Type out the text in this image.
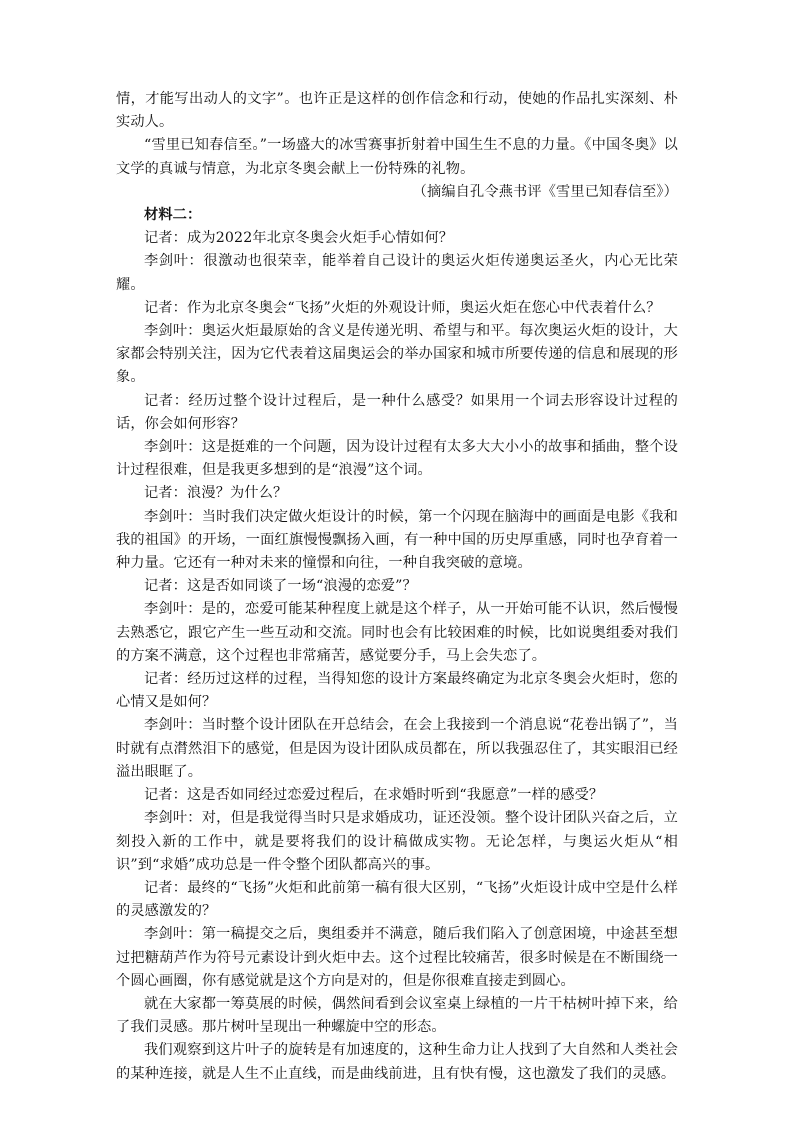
情，才能写出动人的文字”。也许正是这样的创作信念和行动，使她的作品扎实深刻、朴实动人。

“雪里已知春信至。”一场盛大的冰雪赛事折射着中国生生不息的力量。《中国冬奥》以文学的真诚与情意，为北京冬奥会献上一份特殊的礼物。

（摘编自孔令燕书评《雪里已知春信至》）

材料二：

记者：成为2022年北京冬奥会火炬手心情如何？

李剑叶：很激动也很荣幸，能举着自己设计的奥运火炬传递奥运圣火，内心无比荣耀。

记者：作为北京冬奥会“飞扬”火炬的外观设计师，奥运火炬在您心中代表着什么？

李剑叶：奥运火炬最原始的含义是传递光明、希望与和平。每次奥运火炬的设计，大家都会特别关注，因为它代表着这届奥运会的举办国家和城市所要传递的信息和展现的形象。

记者：经历过整个设计过程后，是一种什么感受？如果用一个词去形容设计过程的话，你会如何形容？

李剑叶：这是挺难的一个问题，因为设计过程有太多大大小小的故事和插曲，整个设计过程很难，但是我更多想到的是“浪漫”这个词。

记者：浪漫？为什么？

李剑叶：当时我们决定做火炬设计的时候，第一个闪现在脑海中的画面是电影《我和我的祖国》的开场，一面红旗慢慢飘扬入画，有一种中国的历史厚重感，同时也孕育着一种力量。它还有一种对未来的憧憬和向往，一种自我突破的意境。

记者：这是否如同谈了一场“浪漫的恋爱”？

李剑叶：是的，恋爱可能某种程度上就是这个样子，从一开始可能不认识，然后慢慢去熟悉它，跟它产生一些互动和交流。同时也会有比较困难的时候，比如说奥组委对我们的方案不满意，这个过程也非常痛苦，感觉要分手，马上会失恋了。

记者：经历过这样的过程，当得知您的设计方案最终确定为北京冬奥会火炬时，您的心情又是如何？

李剑叶：当时整个设计团队在开总结会，在会上我接到一个消息说“花卷出锅了”，当时就有点潸然泪下的感觉，但是因为设计团队成员都在，所以我强忍住了，其实眼泪已经溢出眼眶了。

记者：这是否如同经过恋爱过程后，在求婚时听到“我愿意”一样的感受？

李剑叶：对，但是我觉得当时只是求婚成功，证还没领。整个设计团队兴奋之后，立刻投入新的工作中，就是要将我们的设计稿做成实物。无论怎样，与奥运火炬从“相识”到“求婚”成功总是一件令整个团队都高兴的事。

记者：最终的“飞扬”火炬和此前第一稿有很大区别，“飞扬”火炬设计成中空是什么样的灵感激发的？

李剑叶：第一稿提交之后，奥组委并不满意，随后我们陷入了创意困境，中途甚至想过把糖葫芦作为符号元素设计到火炬中去。这个过程比较痛苦，很多时候是在不断围绕一个圆心画圈，你有感觉就是这个方向是对的，但是你很难直接走到圆心。

就在大家都一筹莫展的时候，偶然间看到会议室桌上绿植的一片干枯树叶掉下来，给了我们灵感。那片树叶呈现出一种螺旋中空的形态。

我们观察到这片叶子的旋转是有加速度的，这种生命力让人找到了大自然和人类社会的某种连接，就是人生不止直线，而是曲线前进，且有快有慢，这也激发了我们的灵感。
